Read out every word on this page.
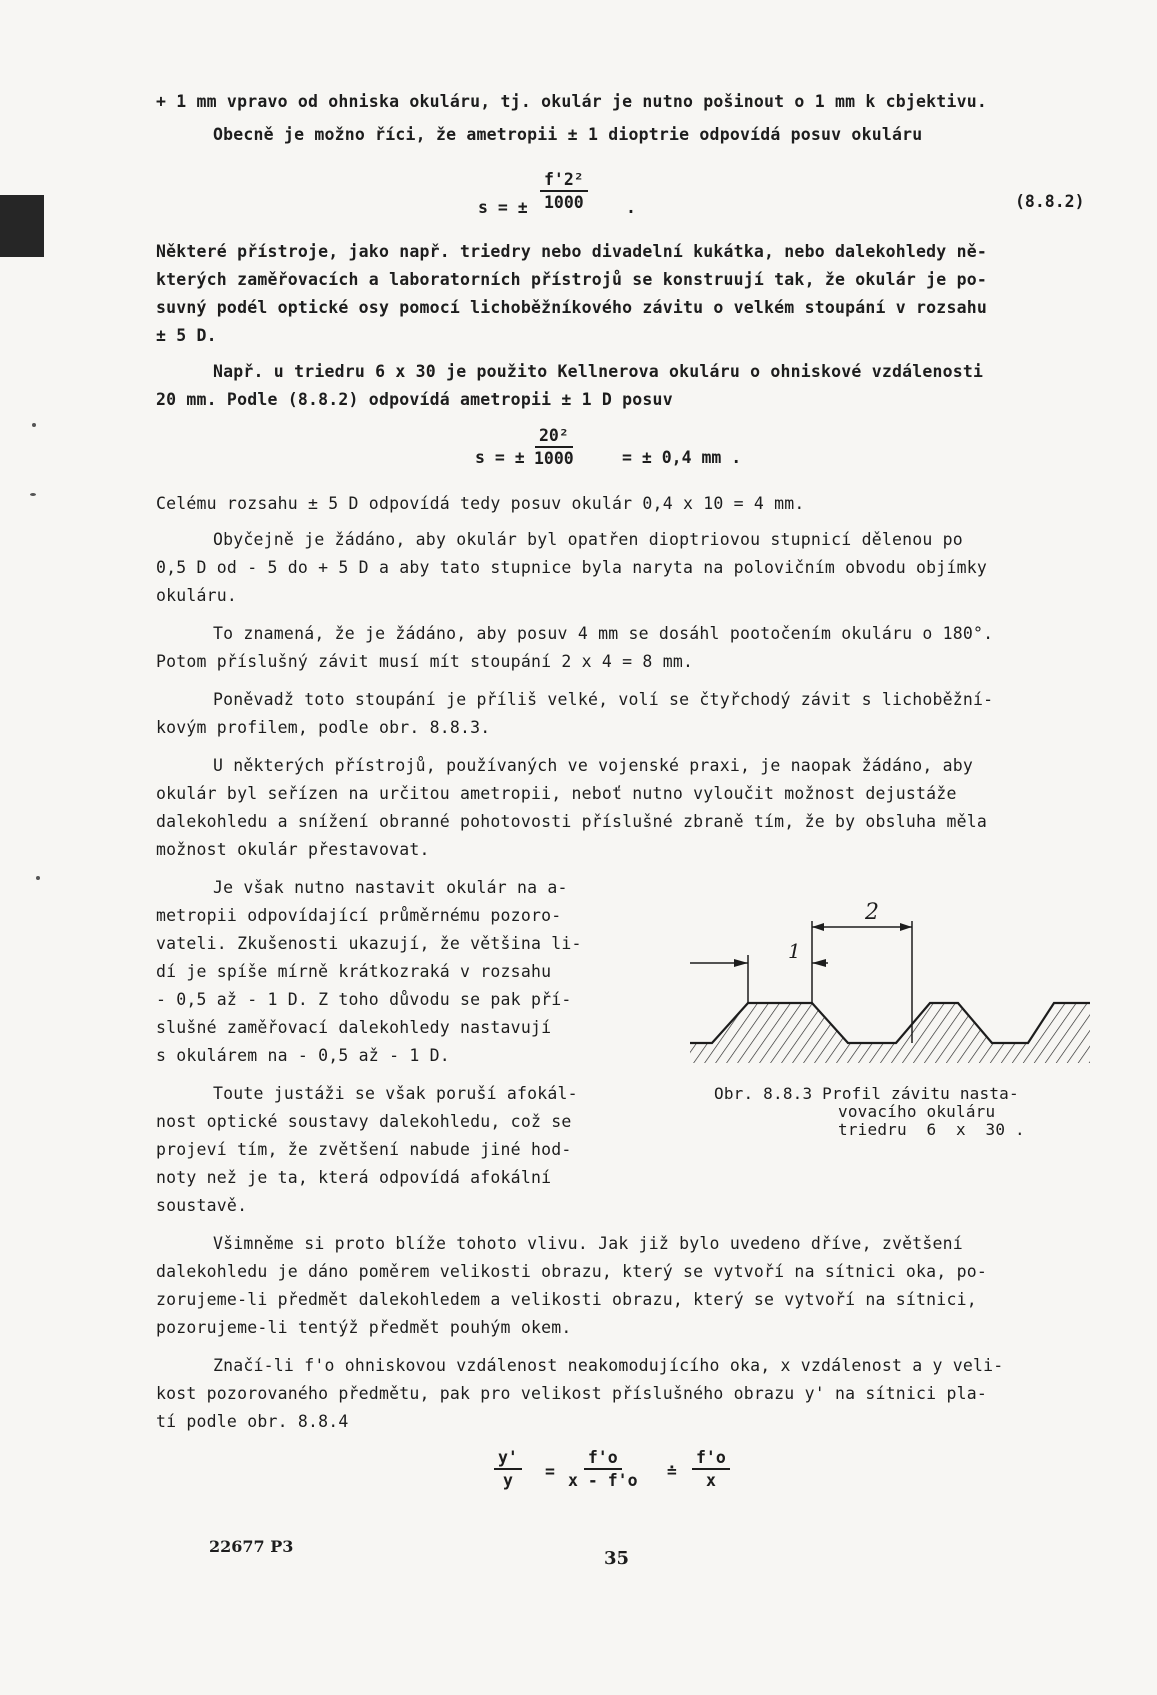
+ 1 mm vpravo od ohniska okuláru, tj. okulár je nutno pošinout o 1 mm k cbjektivu.
Obecně je možno říci, že ametropii ± 1 dioptrie odpovídá posuv okuláru
s = ± $\frac{\text{f'2²}}{1000}$ .	(8.8.2)
Některé přístroje, jako např. triedry nebo divadelní kukátka, nebo dalekohledy ně-
kterých zaměřovacích a laboratorních přístrojů se konstruují tak, že okulár je po-
suvný podél optické osy pomocí lichoběžníkového závitu o velkém stoupání v rozsahu
± 5 D.
Např. u triedru 6 x 30 je použito Kellnerova okuláru o ohniskové vzdálenosti
20 mm. Podle (8.8.2) odpovídá ametropii ± 1 D posuv
s = ± $\frac{\text{20²}}{1000}$	= ± 0,4 mm .
Celému rozsahu ± 5 D odpovídá tedy posuv okulár 0,4 x 10 = 4 mm.
Obyčejně je žádáno, aby okulár byl opatřen dioptriovou stupnicí dělenou po
0,5 D od - 5 do + 5 D a aby tato stupnice byla naryta na polovičním obvodu objímky
okuláru.
To znamená, že je žádáno, aby posuv 4 mm se dosáhl pootočením okuláru o 180°.
Potom příslušný závit musí mít stoupání 2 x 4 = 8 mm.
Poněvadž toto stoupání je příliš velké, volí se čtyřchodý závit s lichoběžní-
kovým profilem, podle obr. 8.8.3.
U některých přístrojů, používaných ve vojenské praxi, je naopak žádáno, aby
okulár byl seřízen na určitou ametropii, neboť nutno vyloučit možnost dejustáže
dalekohledu a snížení obranné pohotovosti příslušné zbraně tím, že by obsluha měla
možnost okulár přestavovat.
Je však nutno nastavit okulár na a-
metropii odpovídající průměrnému pozoro-
vateli. Zkušenosti ukazují, že většina li-
dí je spíše mírně krátkozraká v rozsahu
- 0,5 až - 1 D. Z toho důvodu se pak pří-
slušné zaměřovací dalekohledy nastavují
s okulárem na - 0,5 až - 1 D.
Toute justáži se však poruší afokál-
nost optické soustavy dalekohledu, což se
projeví tím, že zvětšení nabude jiné hod-
noty než je ta, která odpovídá afokální
soustavě.
1
2
Obr. 8.8.3 Profil závitu nasta-
vovacího okuláru
triedru  6  x  30 .
Všimněme si proto blíže tohoto vlivu. Jak již bylo uvedeno dříve, zvětšení
dalekohledu je dáno poměrem velikosti obrazu, který se vytvoří na sítnici oka, po-
zorujeme-li předmět dalekohledem a velikosti obrazu, který se vytvoří na sítnici,
pozorujeme-li tentýž předmět pouhým okem.
Značí-li f'o ohniskovou vzdálenost neakomodujícího oka, x vzdálenost a y veli-
kost pozorovaného předmětu, pak pro velikost příslušného obrazu y' na sítnici pla-
tí podle obr. 8.8.4
$\frac{y'}{y} = \frac{f'o}{x - f'o}$ ≐ $\frac{f'o}{x}$
22677 P3
35
